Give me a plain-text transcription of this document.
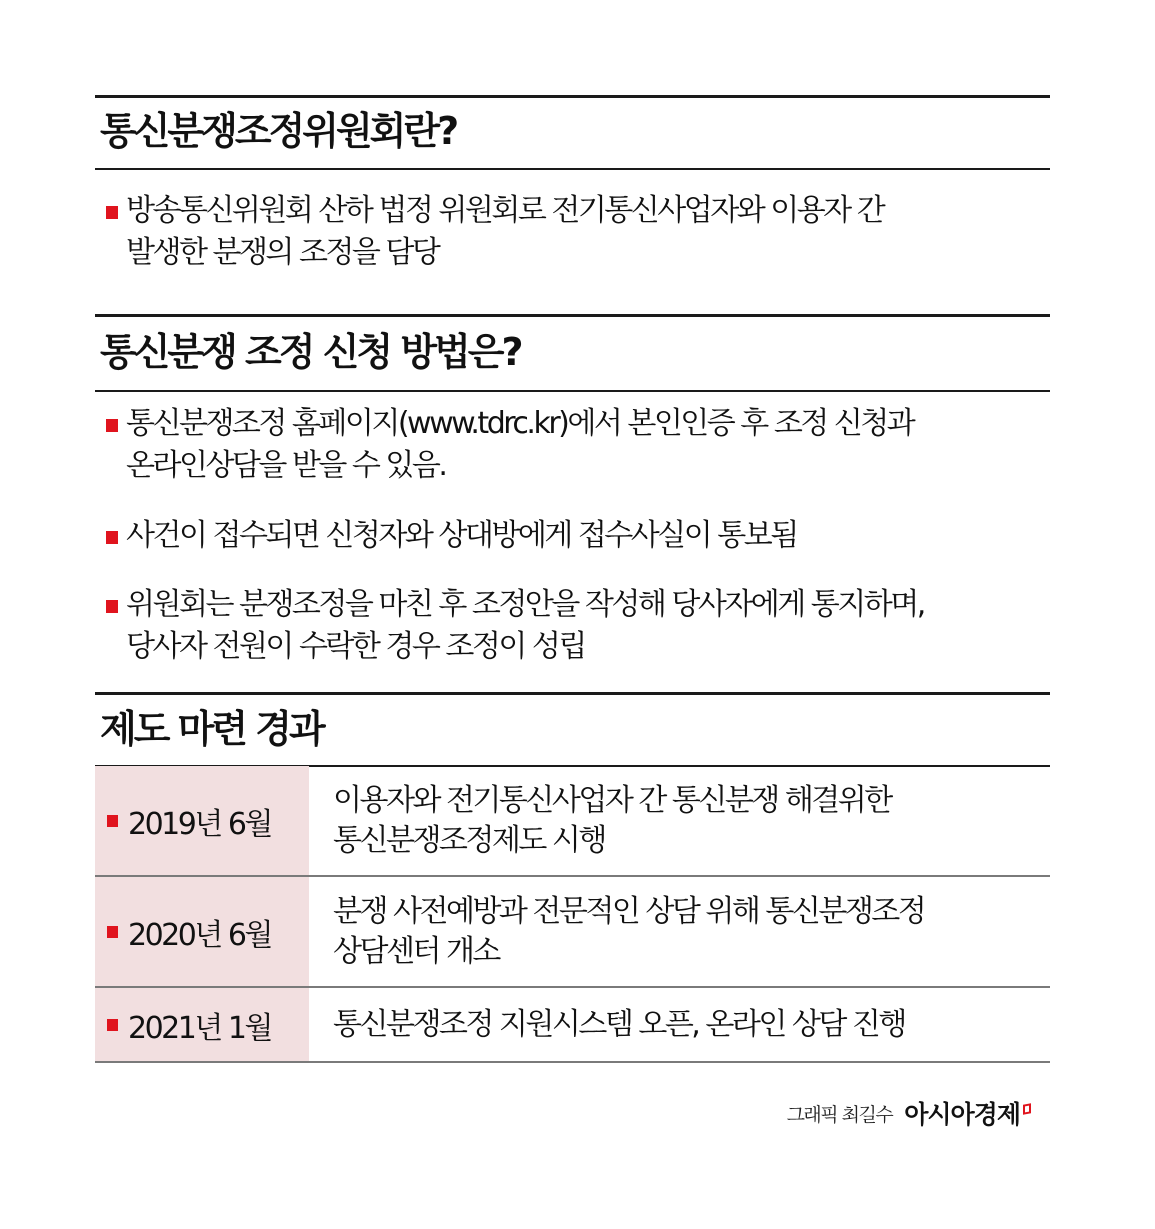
통신분쟁조정위원회란?
방송통신위원회 산하 법정 위원회로 전기통신사업자와 이용자 간
발생한 분쟁의 조정을 담당
통신분쟁 조정 신청 방법은?
통신분쟁조정 홈페이지(www.tdrc.kr)에서 본인인증 후 조정 신청과
온라인상담을 받을 수 있음.
사건이 접수되면 신청자와 상대방에게 접수사실이 통보됨
위원회는 분쟁조정을 마친 후 조정안을 작성해 당사자에게 통지하며,
당사자 전원이 수락한 경우 조정이 성립
제도 마련 경과
2019년 6월
이용자와 전기통신사업자 간 통신분쟁 해결위한
통신분쟁조정제도 시행
2020년 6월
분쟁 사전예방과 전문적인 상담 위해 통신분쟁조정
상담센터 개소
2021년 1월 통신분쟁조정 지원시스템 오픈, 온라인 상담 진행
그래픽 최길수 아시아경제
